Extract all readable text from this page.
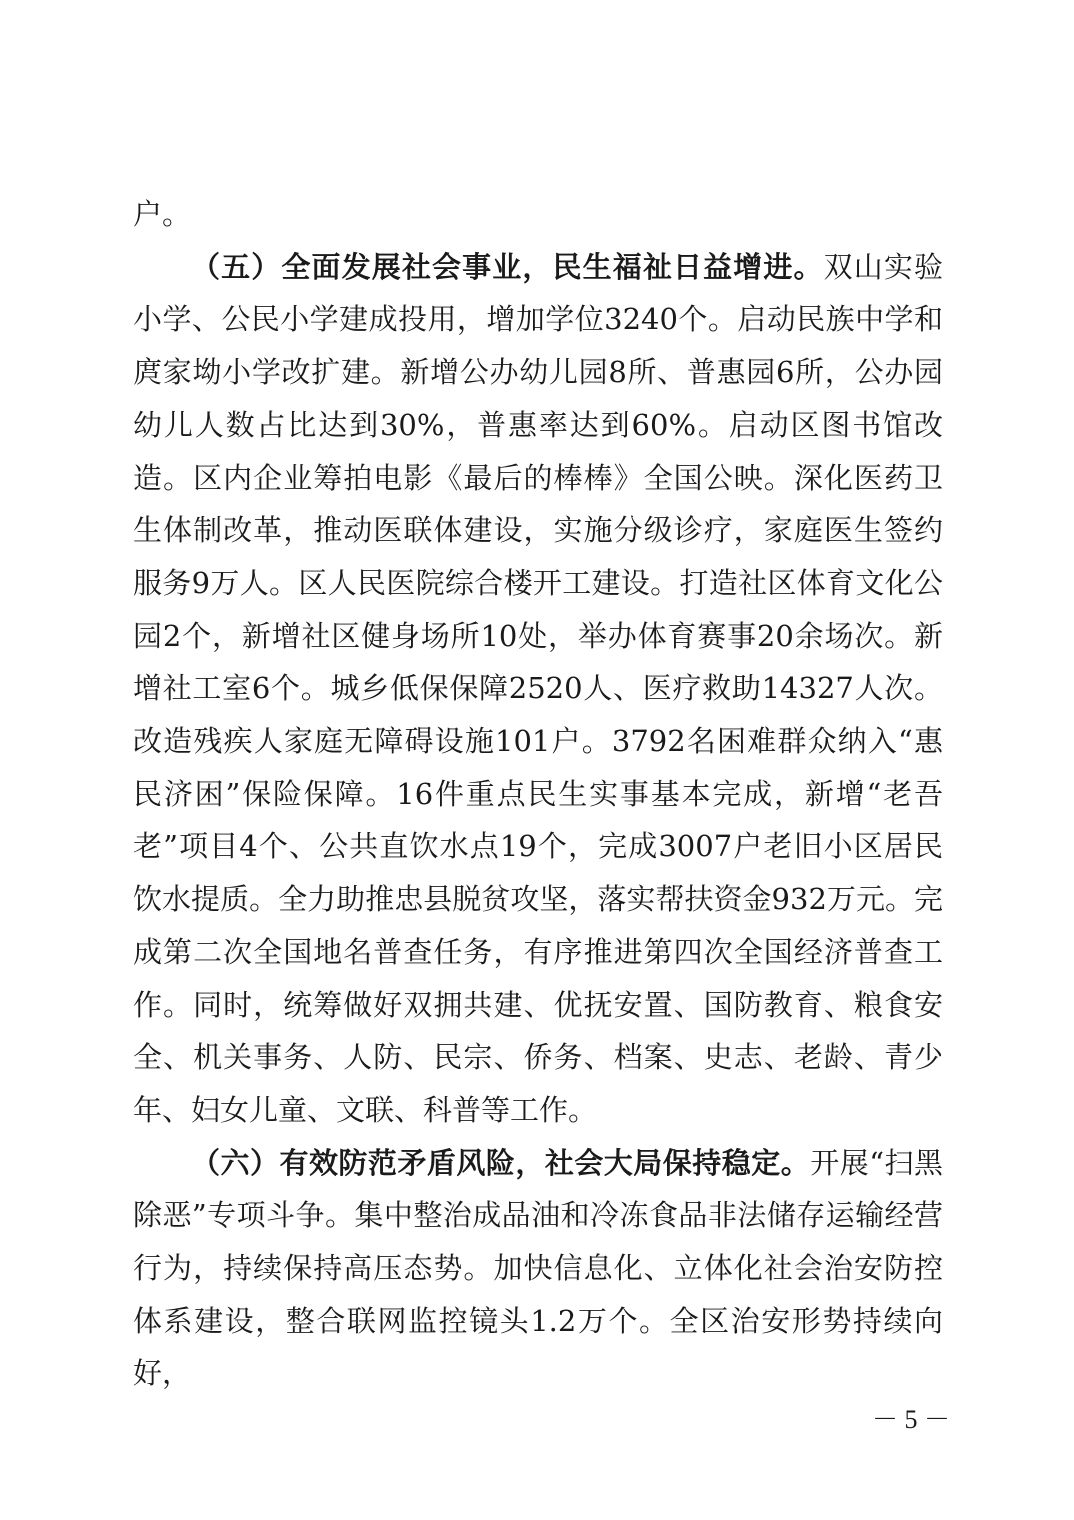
户。

（五）全面发展社会事业，民生福祉日益增进。双山实验小学、公民小学建成投用，增加学位3240个。启动民族中学和庹家坳小学改扩建。新增公办幼儿园8所、普惠园6所，公办园幼儿人数占比达到30%，普惠率达到60%。启动区图书馆改造。区内企业筹拍电影《最后的棒棒》全国公映。深化医药卫生体制改革，推动医联体建设，实施分级诊疗，家庭医生签约服务9万人。区人民医院综合楼开工建设。打造社区体育文化公园2个，新增社区健身场所10处，举办体育赛事20余场次。新增社工室6个。城乡低保保障2520人、医疗救助14327人次。改造残疾人家庭无障碍设施101户。3792名困难群众纳入“惠民济困”保险保障。16件重点民生实事基本完成，新增“老吾老”项目4个、公共直饮水点19个，完成3007户老旧小区居民饮水提质。全力助推忠县脱贫攻坚，落实帮扶资金932万元。完成第二次全国地名普查任务，有序推进第四次全国经济普查工作。同时，统筹做好双拥共建、优抚安置、国防教育、粮食安全、机关事务、人防、民宗、侨务、档案、史志、老龄、青少年、妇女儿童、文联、科普等工作。

（六）有效防范矛盾风险，社会大局保持稳定。开展“扫黑除恶”专项斗争。集中整治成品油和冷冻食品非法储存运输经营行为，持续保持高压态势。加快信息化、立体化社会治安防控体系建设，整合联网监控镜头1.2万个。全区治安形势持续向好，

－ 5 －
